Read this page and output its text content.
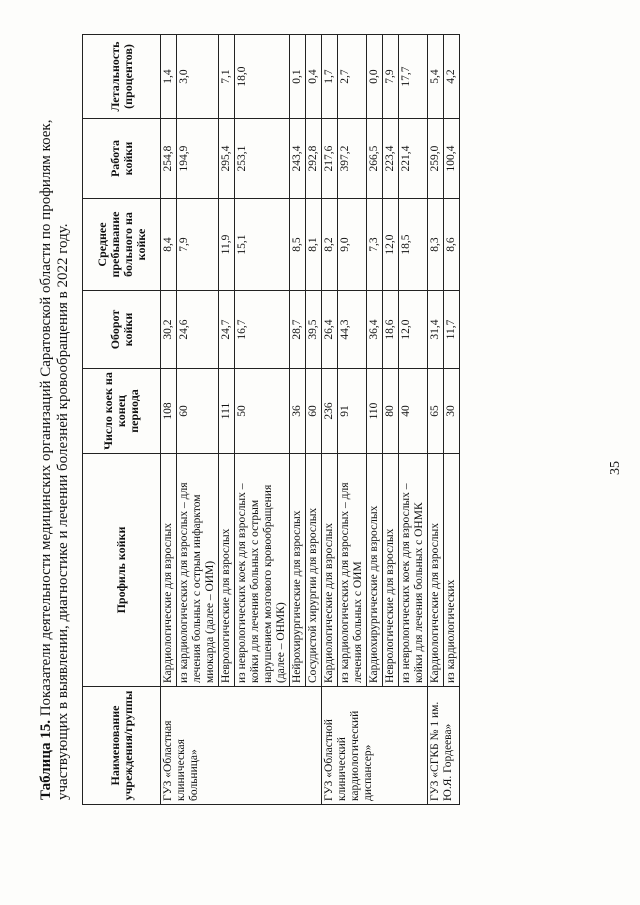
Таблица 15. Показатели деятельности медицинских организаций Саратовской области по профилям коек, участвующих в выявлении, диагностике и лечении болезней кровообращения в 2022 году.	Наименование учреждения/группы	Профиль койки	Число коек на конец периода	Оборот койки	Среднее пребывание больного на койке	Работа койки	Летальность (процентов)
ГУЗ «Областная клиническая больница»	Кардиологические для взрослых	108	30,2	8,4	254,8	1,4
	из кардиологических для взрослых – для лечения больных с острым инфарктом миокарда (далее – ОИМ)	60	24,6	7,9	194,9	3,0
	Неврологические для взрослых	111	24,7	11,9	295,4	7,1
	из неврологических коек для взрослых – койки для лечения больных с острым нарушением мозгового кровообращения (далее – ОНМК)	50	16,7	15,1	253,1	18,0
	Нейрохирургические для взрослых	36	28,7	8,5	243,4	0,1
	Сосудистой хирургии для взрослых	60	39,5	8,1	292,8	0,4
ГУЗ «Областной клинический кардиологический диспансер»	Кардиологические для взрослых	236	26,4	8,2	217,6	1,7
	из кардиологических для взрослых – для лечения больных с ОИМ	91	44,3	9,0	397,2	2,7
	Кардиохирургические для взрослых	110	36,4	7,3	266,5	0,0
	Неврологические для взрослых	80	18,6	12,0	223,4	7,9
	из неврологических коек для взрослых – койки для лечения больных с ОНМК	40	12,0	18,5	221,4	17,7
ГУЗ «СГКБ № 1 им. Ю.Я. Гордеева»	Кардиологические для взрослых	65	31,4	8,3	259,0	5,4
	из кардиологических	30	11,7	8,6	100,4	4,2
35
